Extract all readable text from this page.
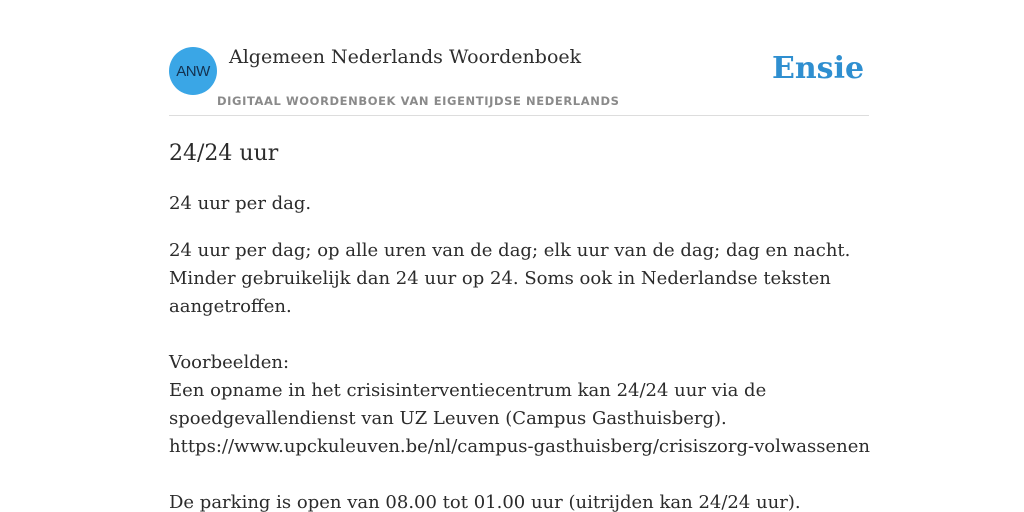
ANW
Algemeen Nederlands Woordenboek
DIGITAAL WOORDENBOEK VAN EIGENTIJDSE NEDERLANDS
Ensie
24/24 uur

24 uur per dag.

24 uur per dag; op alle uren van de dag; elk uur van de dag; dag en nacht.
Minder gebruikelijk dan 24 uur op 24. Soms ook in Nederlandse teksten
aangetroffen.
Voorbeelden:
Een opname in het crisisinterventiecentrum kan 24/24 uur via de
spoedgevallendienst van UZ Leuven (Campus Gasthuisberg).
https://www.upckuleuven.be/nl/campus-gasthuisberg/crisiszorg-volwassenen
De parking is open van 08.00 tot 01.00 uur (uitrijden kan 24/24 uur).
